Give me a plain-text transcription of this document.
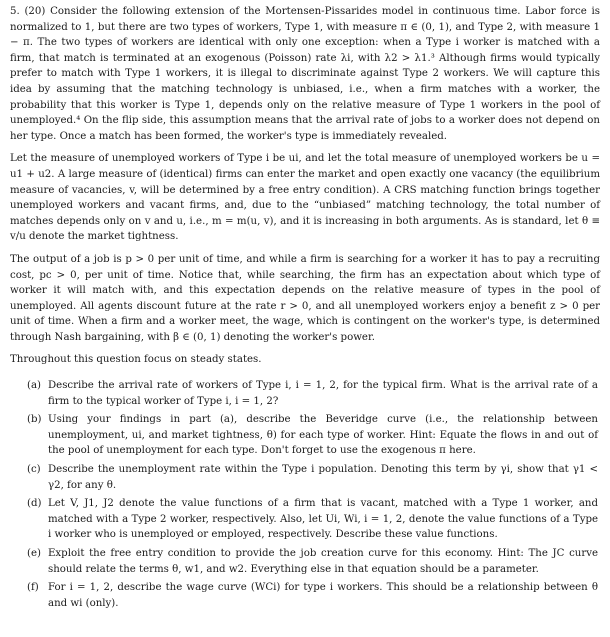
5. (20) Consider the following extension of the Mortensen-Pissarides model in continuous time. Labor force is normalized to 1, but there are two types of workers, Type 1, with measure π ∈ (0, 1), and Type 2, with measure 1 − π. The two types of workers are identical with only one exception: when a Type i worker is matched with a firm, that match is terminated at an exogenous (Poisson) rate λi, with λ2 > λ1.³ Although firms would typically prefer to match with Type 1 workers, it is illegal to discriminate against Type 2 workers. We will capture this idea by assuming that the matching technology is unbiased, i.e., when a firm matches with a worker, the probability that this worker is Type 1, depends only on the relative measure of Type 1 workers in the pool of unemployed.⁴ On the flip side, this assumption means that the arrival rate of jobs to a worker does not depend on her type. Once a match has been formed, the worker's type is immediately revealed.

Let the measure of unemployed workers of Type i be ui, and let the total measure of unemployed workers be u = u1 + u2. A large measure of (identical) firms can enter the market and open exactly one vacancy (the equilibrium measure of vacancies, v, will be determined by a free entry condition). A CRS matching function brings together unemployed workers and vacant firms, and, due to the “unbiased” matching technology, the total number of matches depends only on v and u, i.e., m = m(u, v), and it is increasing in both arguments. As is standard, let θ ≡ v/u denote the market tightness.

The output of a job is p > 0 per unit of time, and while a firm is searching for a worker it has to pay a recruiting cost, pc > 0, per unit of time. Notice that, while searching, the firm has an expectation about which type of worker it will match with, and this expectation depends on the relative measure of types in the pool of unemployed. All agents discount future at the rate r > 0, and all unemployed workers enjoy a benefit z > 0 per unit of time. When a firm and a worker meet, the wage, which is contingent on the worker's type, is determined through Nash bargaining, with β ∈ (0, 1) denoting the worker's power.

Throughout this question focus on steady states.

(a) Describe the arrival rate of workers of Type i, i = 1, 2, for the typical firm. What is the arrival rate of a firm to the typical worker of Type i, i = 1, 2?
(b) Using your findings in part (a), describe the Beveridge curve (i.e., the relationship between unemployment, ui, and market tightness, θ) for each type of worker. Hint: Equate the flows in and out of the pool of unemployment for each type. Don't forget to use the exogenous π here.
(c) Describe the unemployment rate within the Type i population. Denoting this term by γi, show that γ1 < γ2, for any θ.
(d) Let V, J1, J2 denote the value functions of a firm that is vacant, matched with a Type 1 worker, and matched with a Type 2 worker, respectively. Also, let Ui, Wi, i = 1, 2, denote the value functions of a Type i worker who is unemployed or employed, respectively. Describe these value functions.
(e) Exploit the free entry condition to provide the job creation curve for this economy. Hint: The JC curve should relate the terms θ, w1, and w2. Everything else in that equation should be a parameter.
(f) For i = 1, 2, describe the wage curve (WCi) for type i workers. This should be a relationship between θ and wi (only).
